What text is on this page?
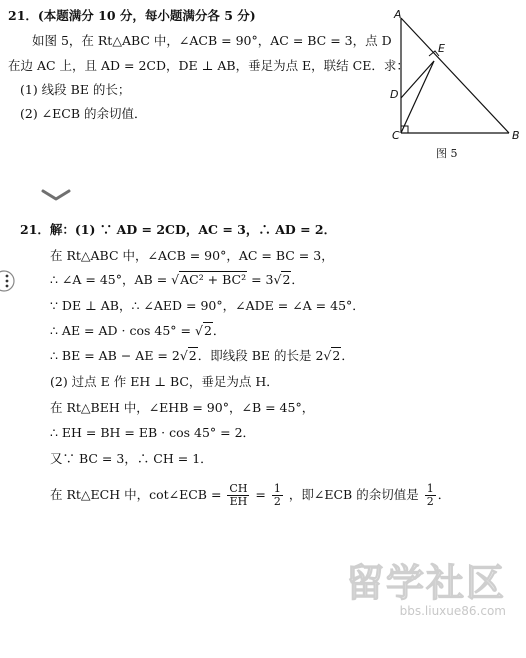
21．(本题满分 10 分，每小题满分各 5 分)
如图 5，在 Rt△ABC 中，∠ACB = 90°，AC = BC = 3，点 D
在边 AC 上，且 AD = 2CD，DE ⊥ AB，垂足为点 E，联结 CE．求：
(1) 线段 BE 的长；
(2) ∠ECB 的余切值．
A
E
D
C	B
图 5
21．解：(1) ∵ AD = 2CD，AC = 3，∴ AD = 2．
在 Rt△ABC 中，∠ACB = 90°，AC = BC = 3，
∴ ∠A = 45°，AB = √AC² + BC² = 3√2．
∵ DE ⊥ AB，∴ ∠AED = 90°，∠ADE = ∠A = 45°．
∴ AE = AD · cos 45° = √2．
∴ BE = AB − AE = 2√2．即线段 BE 的长是 2√2．
(2) 过点 E 作 EH ⊥ BC，垂足为点 H．
在 Rt△BEH 中，∠EHB = 90°，∠B = 45°，
∴ EH = BH = EB · cos 45° = 2．
又∵ BC = 3，∴ CH = 1．
在 Rt△ECH 中，cot∠ECB = $\frac{CH}{EH} = \frac{1}{2}$ ，即∠ECB 的余切值是 $\frac{1}{2}$ ．
留学社区
bbs.liuxue86.com
